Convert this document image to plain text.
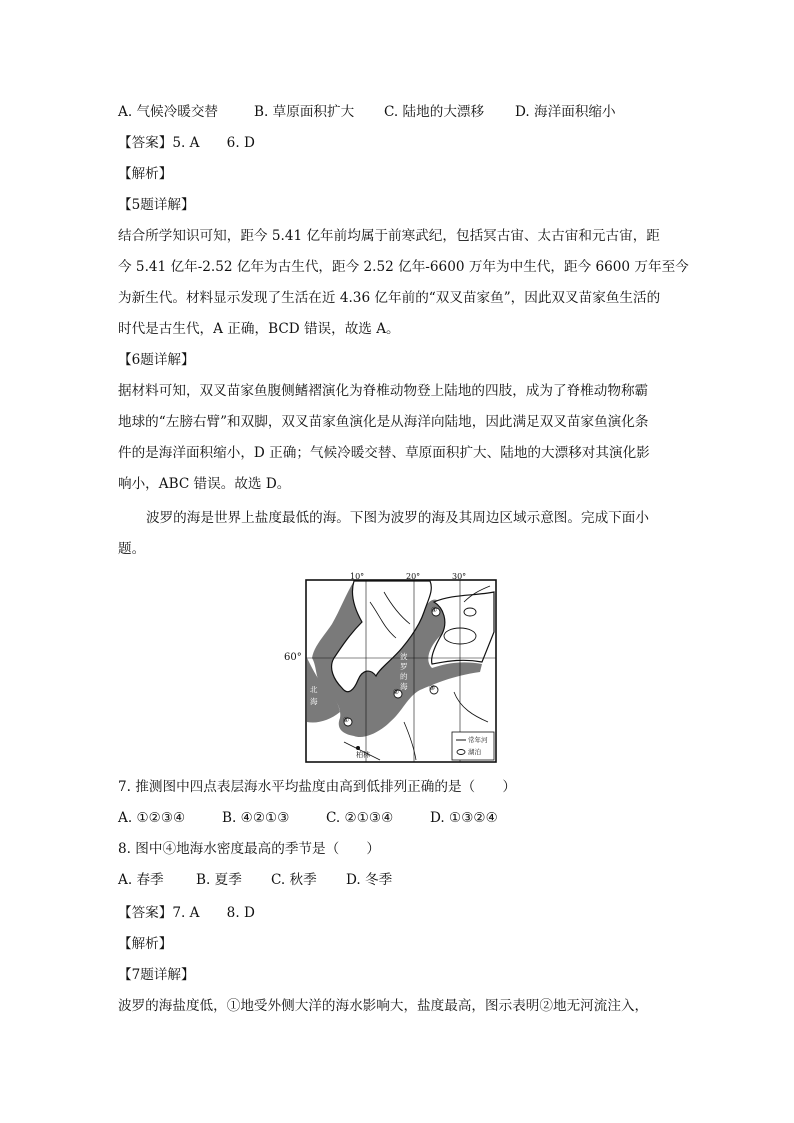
A. 气候冷暖交替	B. 草原面积扩大 C. 陆地的大漂移 D. 海洋面积缩小
【答案】5. A　　6. D
【解析】
【5题详解】
结合所学知识可知，距今 5.41 亿年前均属于前寒武纪，包括冥古宙、太古宙和元古宙，距
今 5.41 亿年-2.52 亿年为古生代，距今 2.52 亿年-6600 万年为中生代，距今 6600 万年至今
为新生代。材料显示发现了生活在近 4.36 亿年前的“双叉苗家鱼”，因此双叉苗家鱼生活的
时代是古生代，A 正确，BCD 错误，故选 A。
【6题详解】
据材料可知，双叉苗家鱼腹侧鳍褶演化为脊椎动物登上陆地的四肢，成为了脊椎动物称霸
地球的“左膀右臂”和双脚，双叉苗家鱼演化是从海洋向陆地，因此满足双叉苗家鱼演化条
件的是海洋面积缩小，D 正确；气候冷暖交替、草原面积扩大、陆地的大漂移对其演化影
响小，ABC 错误。故选 D。
波罗的海是世界上盐度最低的海。下图为波罗的海及其周边区域示意图。完成下面小
题。
10°	20°	30°
60°
北极圈
挪威海
北海
波罗的海
柏林
④
③
②
①
常年河
湖泊
7. 推测图中四点表层海水平均盐度由高到低排列正确的是（　　）
A. ①②③④	B. ④②①③	C. ②①③④	D. ①③②④
8. 图中④地海水密度最高的季节是（　　）
A. 春季 B. 夏季 C. 秋季 D. 冬季
【答案】7. A　　8. D
【解析】
【7题详解】
波罗的海盐度低，①地受外侧大洋的海水影响大，盐度最高，图示表明②地无河流注入，
